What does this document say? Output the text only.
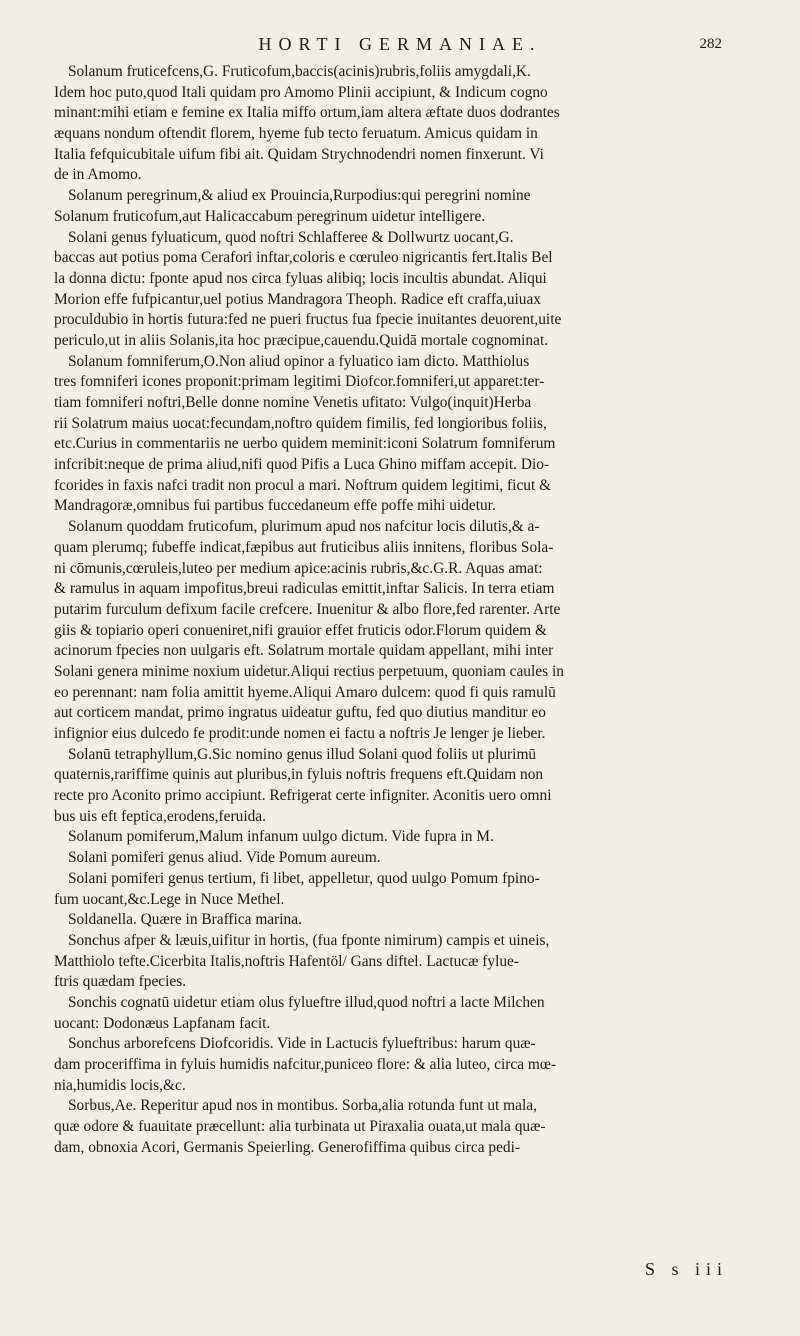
HORTI GERMANIAE.	282
Solanum fruticefcens,G. Fruticofum,baccis(acinis)rubris,foliis amygdali,K.
Idem hoc puto,quod Itali quidam pro Amomo Plinii accipiunt, & Indicum cogno
minant:mihi etiam e femine ex Italia miffo ortum,iam altera æftate duos dodrantes
æquans nondum oftendit florem, hyeme fub tecto feruatum. Amicus quidam in
Italia fefquicubitale uifum fibi ait. Quidam Strychnodendri nomen finxerunt. Vi
de in Amomo.
Solanum peregrinum,& aliud ex Prouincia,Rurpodius:qui peregrini nomine
Solanum fruticofum,aut Halicaccabum peregrinum uidetur intelligere.
Solani genus fyluaticum, quod noftri Schlafferee & Dollwurtz uocant,G.
baccas aut potius poma Cerafori inftar,coloris e cœruleo nigricantis fert.Italis Bel
la donna dictu: fponte apud nos circa fyluas alibiq; locis incultis abundat. Aliqui
Morion effe fufpicantur,uel potius Mandragora Theoph. Radice eft craffa,uiuax
proculdubio in hortis futura:fed ne pueri fructus fua fpecie inuitantes deuorent,uite
periculo,ut in aliis Solanis,ita hoc præcipue,cauendu.Quidā mortale cognominat.
Solanum fomniferum,O.Non aliud opinor a fyluatico iam dicto. Matthiolus
tres fomniferi icones proponit:primam legitimi Diofcor.fomniferi,ut apparet:ter-
tiam fomniferi noftri,Belle donne nomine Venetis ufitato: Vulgo(inquit)Herba
rii Solatrum maius uocat:fecundam,noftro quidem fimilis, fed longioribus foliis,
etc.Curius in commentariis ne uerbo quidem meminit:iconi Solatrum fomniferum
infcribit:neque de prima aliud,nifi quod Pifis a Luca Ghino miffam accepit. Dio-
fcorides in faxis nafci tradit non procul a mari. Noftrum quidem legitimi, ficut &
Mandragoræ,omnibus fui partibus fuccedaneum effe poffe mihi uidetur.
Solanum quoddam fruticofum, plurimum apud nos nafcitur locis dilutis,& a-
quam plerumq; fubeffe indicat,fæpibus aut fruticibus aliis innitens, floribus Sola-
ni cōmunis,cœruleis,luteo per medium apice:acinis rubris,&c.G.R. Aquas amat:
& ramulus in aquam impofitus,breui radiculas emittit,inftar Salicis. In terra etiam
putarim furculum defixum facile crefcere. Inuenitur & albo flore,fed rarenter. Arte
giis & topiario operi conueniret,nifi grauior effet fruticis odor.Florum quidem &
acinorum fpecies non uulgaris eft. Solatrum mortale quidam appellant, mihi inter
Solani genera minime noxium uidetur.Aliqui rectius perpetuum, quoniam caules in
eo perennant: nam folia amittit hyeme.Aliqui Amaro dulcem: quod fi quis ramulū
aut corticem mandat, primo ingratus uideatur guftu, fed quo diutius manditur eo
infignior eius dulcedo fe prodit:unde nomen ei factu a noftris Je lenger je lieber.
Solanū tetraphyllum,G.Sic nomino genus illud Solani quod foliis ut plurimū
quaternis,rariffime quinis aut pluribus,in fyluis noftris frequens eft.Quidam non
recte pro Aconito primo accipiunt. Refrigerat certe infigniter. Aconitis uero omni
bus uis eft feptica,erodens,feruida.
Solanum pomiferum,Malum infanum uulgo dictum. Vide fupra in M.
Solani pomiferi genus aliud. Vide Pomum aureum.
Solani pomiferi genus tertium, fi libet, appelletur, quod uulgo Pomum fpino-
fum uocant,&c.Lege in Nuce Methel.
Soldanella. Quære in Braffica marina.
Sonchus afper & læuis,uifitur in hortis, (fua fponte nimirum) campis et uineis,
Matthiolo tefte.Cicerbita Italis,noftris Hafentöl/ Gans diftel. Lactucæ fylue-
ftris quædam fpecies.
Sonchis cognatū uidetur etiam olus fylueftre illud,quod noftri a lacte Milchen
uocant: Dodonæus Lapfanam facit.
Sonchus arborefcens Diofcoridis. Vide in Lactucis fylueftribus: harum quæ-
dam proceriffima in fyluis humidis nafcitur,puniceo flore: & alia luteo, circa mœ-
nia,humidis locis,&c.
Sorbus,Ae. Reperitur apud nos in montibus. Sorba,alia rotunda funt ut mala,
quæ odore & fuauitate præcellunt: alia turbinata ut Piraxalia ouata,ut mala quæ-
dam, obnoxia Acori, Germanis Speierling. Generofiffima quibus circa pedi-
S s iii
